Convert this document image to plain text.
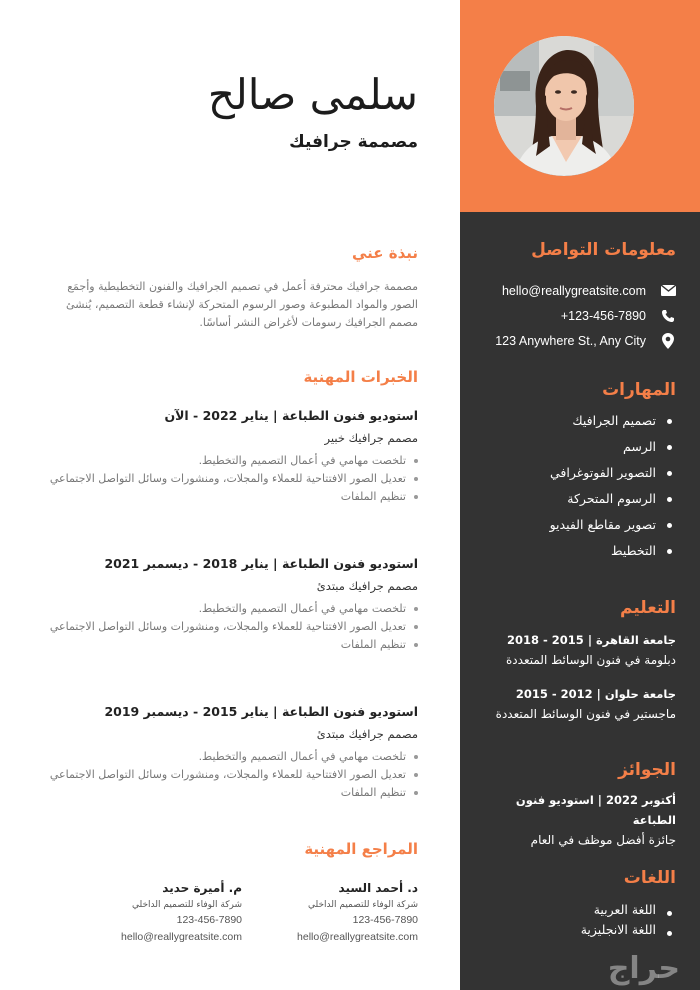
معلومات التواصل
hello@reallygreatsite.com
+123-456-7890
123 Anywhere St., Any City
المهارات
تصميم الجرافيك
الرسم
التصوير الفوتوغرافي
الرسوم المتحركة
تصوير مقاطع الفيديو
التخطيط
التعليم
جامعة القاهرة | 2015 - 2018
دبلومة في فنون الوسائط المتعددة
جامعة حلوان | 2012 - 2015
ماجستير في فنون الوسائط المتعددة
الجوائز
أكتوبر 2022 | استوديو فنون الطباعة
جائزة أفضل موظف في العام
اللغات
اللغة العربية
اللغة الانجليزية
حراج
سلمى صالح
مصممة جرافيك
نبذة عني
مصممة جرافيك محترفة أعمل في تصميم الجرافيك والفنون التخطيطية وأجمَع الصور والمواد المطبوعة وصور الرسوم المتحركة لإنشاء قطعة التصميم، يُنشئ مصمم الجرافيك رسومات لأغراض النشر أساسًا.
الخبرات المهنية
استوديو فنون الطباعة | يناير 2022 - الآن
مصمم جرافيك خبير
تلخصت مهامي في أعمال التصميم والتخطيط.
تعديل الصور الافتتاحية للعملاء والمجلات، ومنشورات وسائل التواصل الاجتماعي
تنظيم الملفات
استوديو فنون الطباعة | يناير 2018 - ديسمبر 2021
مصمم جرافيك مبتدئ
تلخصت مهامي في أعمال التصميم والتخطيط.
تعديل الصور الافتتاحية للعملاء والمجلات، ومنشورات وسائل التواصل الاجتماعي
تنظيم الملفات
استوديو فنون الطباعة | يناير 2015 - ديسمبر 2019
مصمم جرافيك مبتدئ
تلخصت مهامي في أعمال التصميم والتخطيط.
تعديل الصور الافتتاحية للعملاء والمجلات، ومنشورات وسائل التواصل الاجتماعي
تنظيم الملفات
المراجع المهنية
د. أحمد السيد
شركة الوفاء للتصميم الداخلي
123-456-7890
hello@reallygreatsite.com
م. أميرة حديد
شركة الوفاء للتصميم الداخلي
123-456-7890
hello@reallygreatsite.com
